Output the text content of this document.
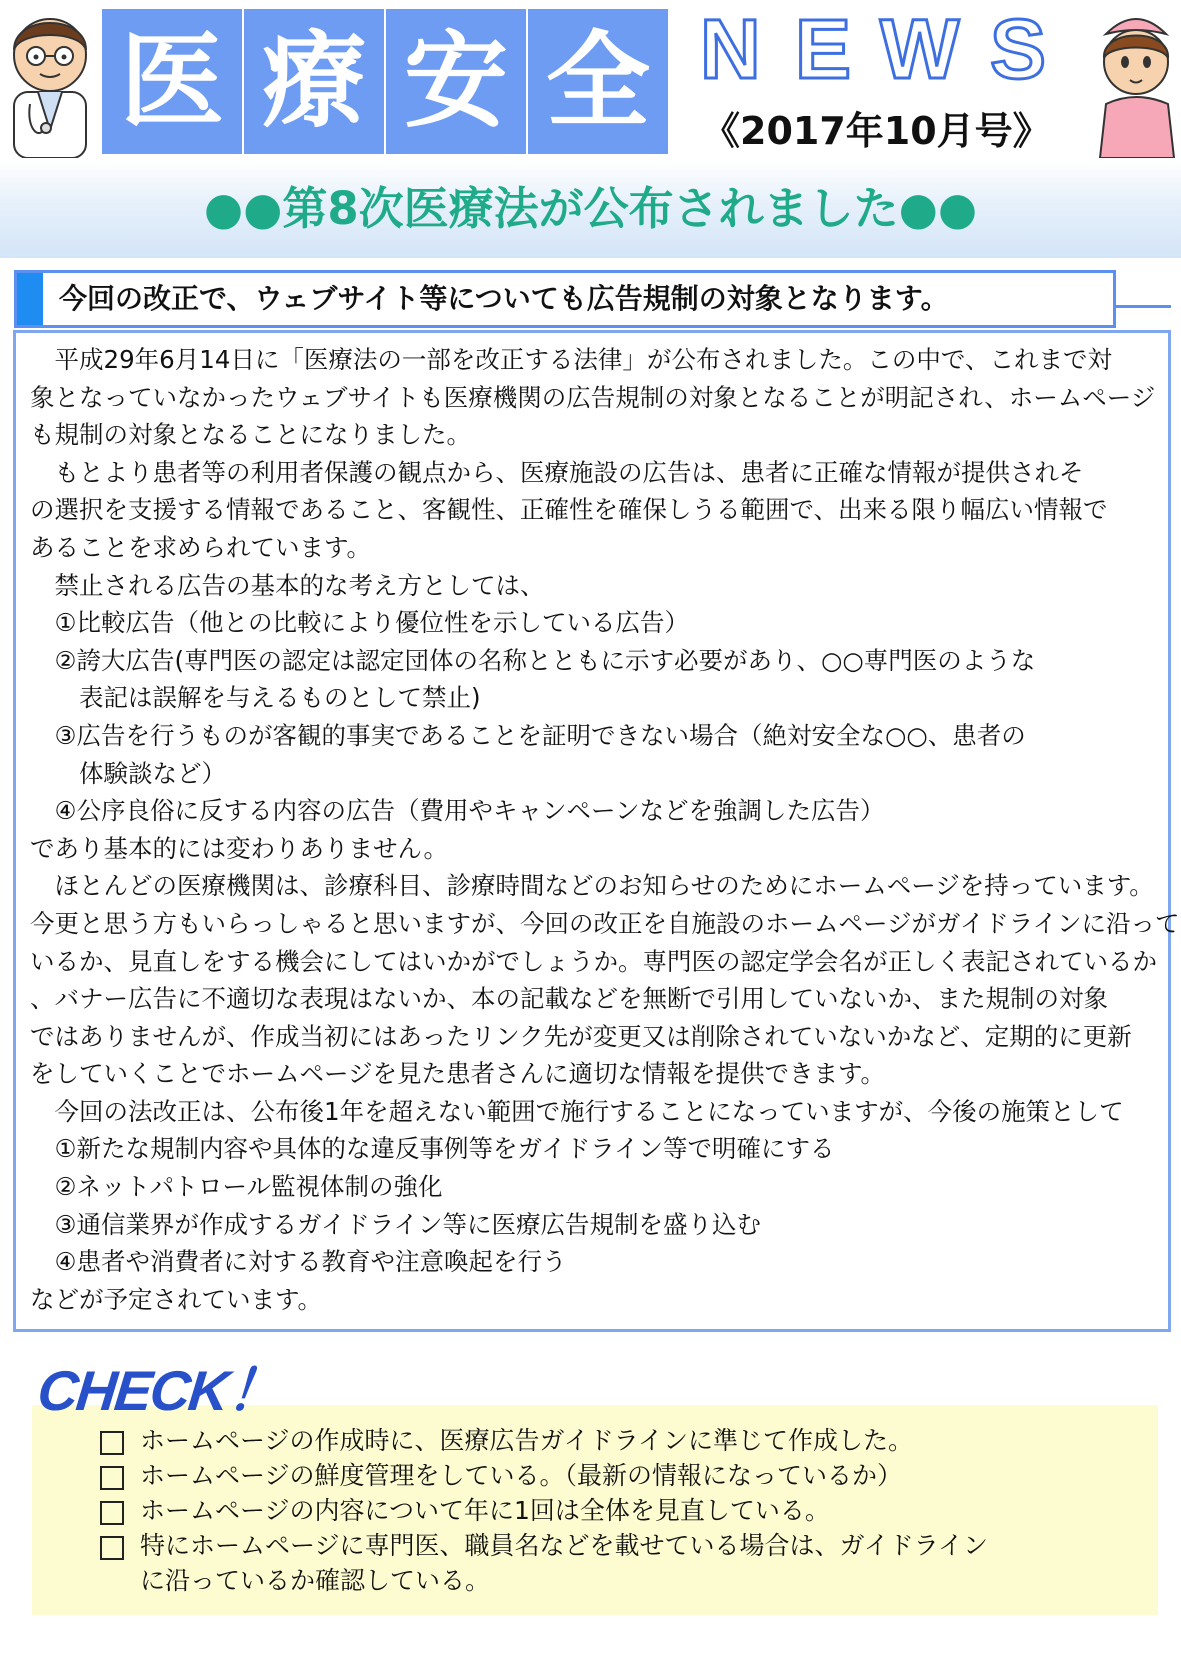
医 療 安 全 N E W S
《2017年10月号》
●●第8次医療法が公布されました●●
今回の改正で、ウェブサイト等についても広告規制の対象となります。
　平成29年6月14日に「医療法の一部を改正する法律」が公布されました。この中で、これまで対
象となっていなかったウェブサイトも医療機関の広告規制の対象となることが明記され、ホームページ
も規制の対象となることになりました。
　もとより患者等の利用者保護の観点から、医療施設の広告は、患者に正確な情報が提供されそ
の選択を支援する情報であること、客観性、正確性を確保しうる範囲で、出来る限り幅広い情報で
あることを求められています。
　禁止される広告の基本的な考え方としては、
　①比較広告（他との比較により優位性を示している広告）
　②誇大広告(専門医の認定は認定団体の名称とともに示す必要があり、○○専門医のような
　　表記は誤解を与えるものとして禁止)
　③広告を行うものが客観的事実であることを証明できない場合（絶対安全な○○、患者の
　　体験談など）
　④公序良俗に反する内容の広告（費用やキャンペーンなどを強調した広告）
であり基本的には変わりありません。
　ほとんどの医療機関は、診療科目、診療時間などのお知らせのためにホームページを持っています。
今更と思う方もいらっしゃると思いますが、今回の改正を自施設のホームページがガイドラインに沿って
いるか、見直しをする機会にしてはいかがでしょうか。専門医の認定学会名が正しく表記されているか
、バナー広告に不適切な表現はないか、本の記載などを無断で引用していないか、また規制の対象
ではありませんが、作成当初にはあったリンク先が変更又は削除されていないかなど、定期的に更新
をしていくことでホームページを見た患者さんに適切な情報を提供できます。
　今回の法改正は、公布後1年を超えない範囲で施行することになっていますが、今後の施策として
　①新たな規制内容や具体的な違反事例等をガイドライン等で明確にする
　②ネットパトロール監視体制の強化
　③通信業界が作成するガイドライン等に医療広告規制を盛り込む
　④患者や消費者に対する教育や注意喚起を行う
などが予定されています。
ホームページの作成時に、医療広告ガイドラインに準じて作成した。
ホームページの鮮度管理をしている。（最新の情報になっているか）
ホームページの内容について年に1回は全体を見直している。
特にホームページに専門医、職員名などを載せている場合は、ガイドライン
に沿っているか確認している。
CHECK！
